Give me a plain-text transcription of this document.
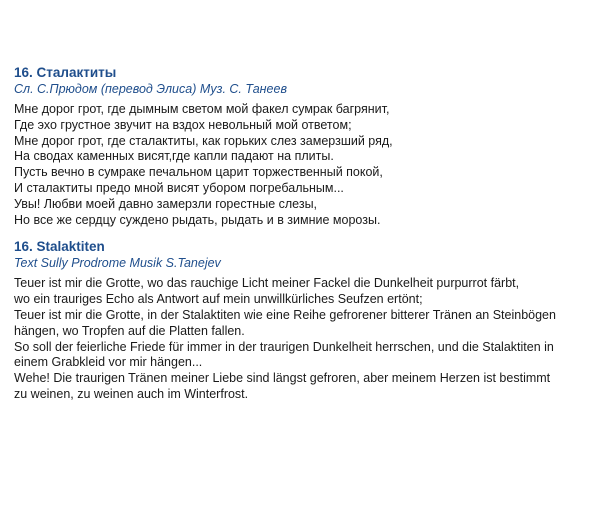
16. Сталактиты
Сл. С.Прюдом (перевод Элиса) Муз. С. Танеев
Мне дорог грот, где дымным светом мой факел сумрак багрянит,
Где эхо грустное звучит на вздох невольный мой ответом;
Мне дорог грот, где сталактиты, как горьких слез замерзший ряд,
На сводах каменных висят,где капли падают на плиты.
Пусть вечно в сумраке печальном царит торжественный покой,
И сталактиты предо мной висят убором погребальным...
Увы! Любви моей давно замерзли горестные слезы,
Но все же сердцу суждено рыдать, рыдать и в зимние морозы.
16. Stalaktiten
Text Sully Prodrome Musik S.Tanejev
Teuer ist mir die Grotte, wo das rauchige Licht meiner Fackel die Dunkelheit purpurrot färbt,
wo ein trauriges Echo als Antwort auf mein unwillkürliches Seufzen ertönt;
Teuer ist mir die Grotte, in der Stalaktiten wie eine Reihe gefrorener bitterer Tränen an Steinbögen
hängen, wo Tropfen auf die Platten fallen.
So soll der feierliche Friede für immer in der traurigen Dunkelheit herrschen, und die Stalaktiten in
einem Grabkleid vor mir hängen...
Wehe! Die traurigen Tränen meiner Liebe sind längst gefroren, aber meinem Herzen ist bestimmt
zu weinen, zu weinen auch im Winterfrost.
